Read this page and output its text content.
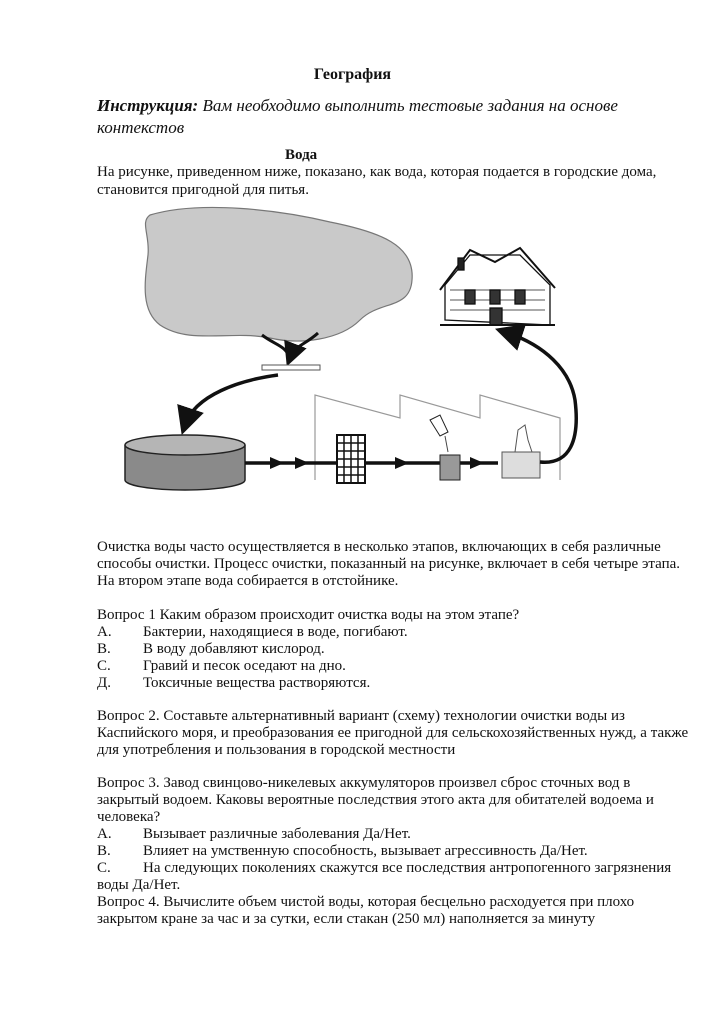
География
Инструкция: Вам необходимо выполнить тестовые задания на основе
контекстов
Вода
На рисунке, приведенном ниже, показано, как вода, которая подается в городские дома,
становится пригодной для питья.
Очистка воды часто осуществляется в несколько этапов, включающих в себя различные
способы очистки. Процесс очистки, показанный на рисунке, включает в себя четыре этапа.
На втором этапе вода собирается в отстойнике.
Вопрос 1 Каким образом происходит очистка воды на этом этапе?
А. Бактерии, находящиеся в воде, погибают.
В. В воду добавляют кислород.
С. Гравий и песок оседают на дно.
Д. Токсичные вещества растворяются.
Вопрос 2. Составьте альтернативный вариант (схему) технологии очистки воды из
Каспийского моря, и преобразования ее пригодной для сельскохозяйственных нужд, а также
для употребления и пользования в городской местности
Вопрос 3. Завод свинцово-никелевых аккумуляторов произвел сброс сточных вод в
закрытый водоем. Каковы вероятные последствия этого акта для обитателей водоема и
человека?
А. Вызывает различные заболевания Да/Нет.
В. Влияет на умственную способность, вызывает агрессивность Да/Нет.
С. На следующих поколениях скажутся все последствия антропогенного загрязнения
воды Да/Нет.
Вопрос 4. Вычислите объем чистой воды, которая бесцельно расходуется при плохо
закрытом кране за час и за сутки, если стакан (250 мл) наполняется за минуту
